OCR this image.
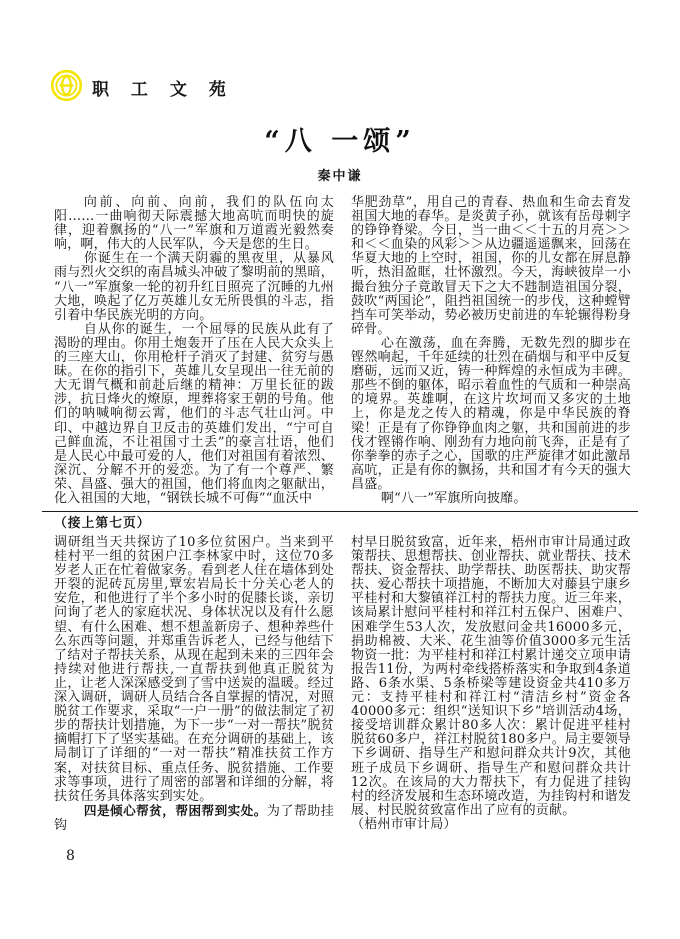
职 工 文 苑
“八 一颂”
秦中谦

向前、向前、向前，我们的队伍向太阳……一曲响彻天际震撼大地高吭而明快的旋律，迎着飘扬的“八一”军旗和万道霞光毅然奏响，啊，伟大的人民军队，今天是您的生日。

你诞生在一个满天阴霾的黑夜里，从暴风雨与烈火交织的南昌城头冲破了黎明前的黑暗，“八一”军旗象一轮的初升红日照亮了沉睡的九州大地，唤起了亿万英雄儿女无所畏惧的斗志，指引着中华民族光明的方向。

自从你的诞生，一个屈辱的民族从此有了渴盼的理由。你用土炮轰开了压在人民大众头上的三座大山，你用枪杆子消灭了封建、贫穷与愚昧。在你的指引下，英雄儿女呈现出一往无前的大无谓气概和前赴后继的精神：万里长征的跋涉，抗日烽火的燎原，埋葬将家王朝的号角。他们的呐喊响彻云霄，他们的斗志气壮山河。中印、中越边界自卫反击的英雄们发出，“宁可自己鲜血流，不让祖国寸土丢”的豪言壮语，他们是人民心中最可爱的人，他们对祖国有着浓烈、深沉、分解不开的爱恋。为了有一个尊严、繁荣、昌盛、强大的祖国，他们将血肉之躯献出，化入祖国的大地，“钢铁长城不可侮”“血沃中

华肥劲草”，用自己的青春、热血和生命去育发祖国大地的春华。是炎黄子孙，就该有岳母刺字的铮铮脊梁。今日，当一曲＜＜十五的月亮＞＞和＜＜血染的风彩＞＞从边疆遥遥飘来，回荡在华夏大地的上空时，祖国，你的儿女都在屏息静听，热泪盈眶，壮怀激烈。今天，海峡彼岸一小撮台独分子竟敢冒天下之大不韪制造祖国分裂，鼓吹“两国论”，阻挡祖国统一的步伐，这种螳臂挡车可笑举动，势必被历史前进的车轮辗得粉身碎骨。

心在激荡，血在奔腾，无数先烈的脚步在铿然响起，千年延续的壮烈在硝烟与和平中反复磨砺，远而又近，铸一种辉煌的永恒成为丰碑。那些不倒的躯体，昭示着血性的气质和一种崇高的境界。英雄啊，在这片坎坷而又多灾的土地上，你是龙之传人的精魂，你是中华民族的脊梁！正是有了你铮铮血肉之躯，共和国前进的步伐才铿锵作响、刚劲有力地向前飞奔，正是有了你拳拳的赤子之心，国歌的庄严旋律才如此激昂高吭，正是有你的飘扬，共和国才有今天的强大昌盛。

啊“八一”军旗所向披靡。

（接上第七页）

调研组当天共探访了10多位贫困户。当来到平桂村平一组的贫困户江李林家中时，这位70多岁老人正在忙着做家务。看到老人住在墙体到处开裂的泥砖瓦房里,覃宏岩局长十分关心老人的安危，和他进行了半个多小时的促膝长谈，亲切问询了老人的家庭状况、身体状况以及有什么愿望、有什么困难、想不想盖新房子、想种养些什么东西等问题，并郑重告诉老人，已经与他结下了结对子帮扶关系，从现在起到未来的三四年会持续对他进行帮扶,一直帮扶到他真正脱贫为止，让老人深深感受到了雪中送炭的温暖。经过深入调研，调研人员结合各自掌握的情况，对照脱贫工作要求，采取“一户一册”的做法制定了初步的帮扶计划措施，为下一步“一对一帮扶”脱贫摘帽打下了坚实基础。在充分调研的基础上，该局制订了详细的“一对一帮扶”精准扶贫工作方案，对扶贫目标、重点任务、脱贫措施、工作要求等事项，进行了周密的部署和详细的分解，将扶贫任务具体落实到实处。

四是倾心帮贫，帮困帮到实处。为了帮助挂钩

村早日脱贫致富，近年来，梧州市审计局通过政策帮扶、思想帮扶、创业帮扶、就业帮扶、技术帮扶、资金帮扶、助学帮扶、助医帮扶、助灾帮扶、爱心帮扶十项措施，不断加大对藤县宁康乡平桂村和大黎镇祥江村的帮扶力度。近三年来，该局累计慰问平桂村和祥江村五保户、困难户、困难学生53人次，发放慰问金共16000多元，捐助棉被、大米、花生油等价值3000多元生活物资一批：为平桂村和祥江村累计递交立项申请报告11份，为两村牵线搭桥落实和争取到4条道路、6条水渠、5条桥梁等建设资金共410多万元：支持平桂村和祥江村“清洁乡村”资金各40000多元：组织“送知识下乡”培训活动4场，接受培训群众累计80多人次：累计促进平桂村脱贫60多户，祥江村脱贫180多户。局主要领导下乡调研、指导生产和慰问群众共计9次，其他班子成员下乡调研、指导生产和慰问群众共计12次。在该局的大力帮扶下，有力促进了挂钩村的经济发展和生态环境改造，为挂钩村和谐发展、村民脱贫致富作出了应有的贡献。

（梧州市审计局）

8
